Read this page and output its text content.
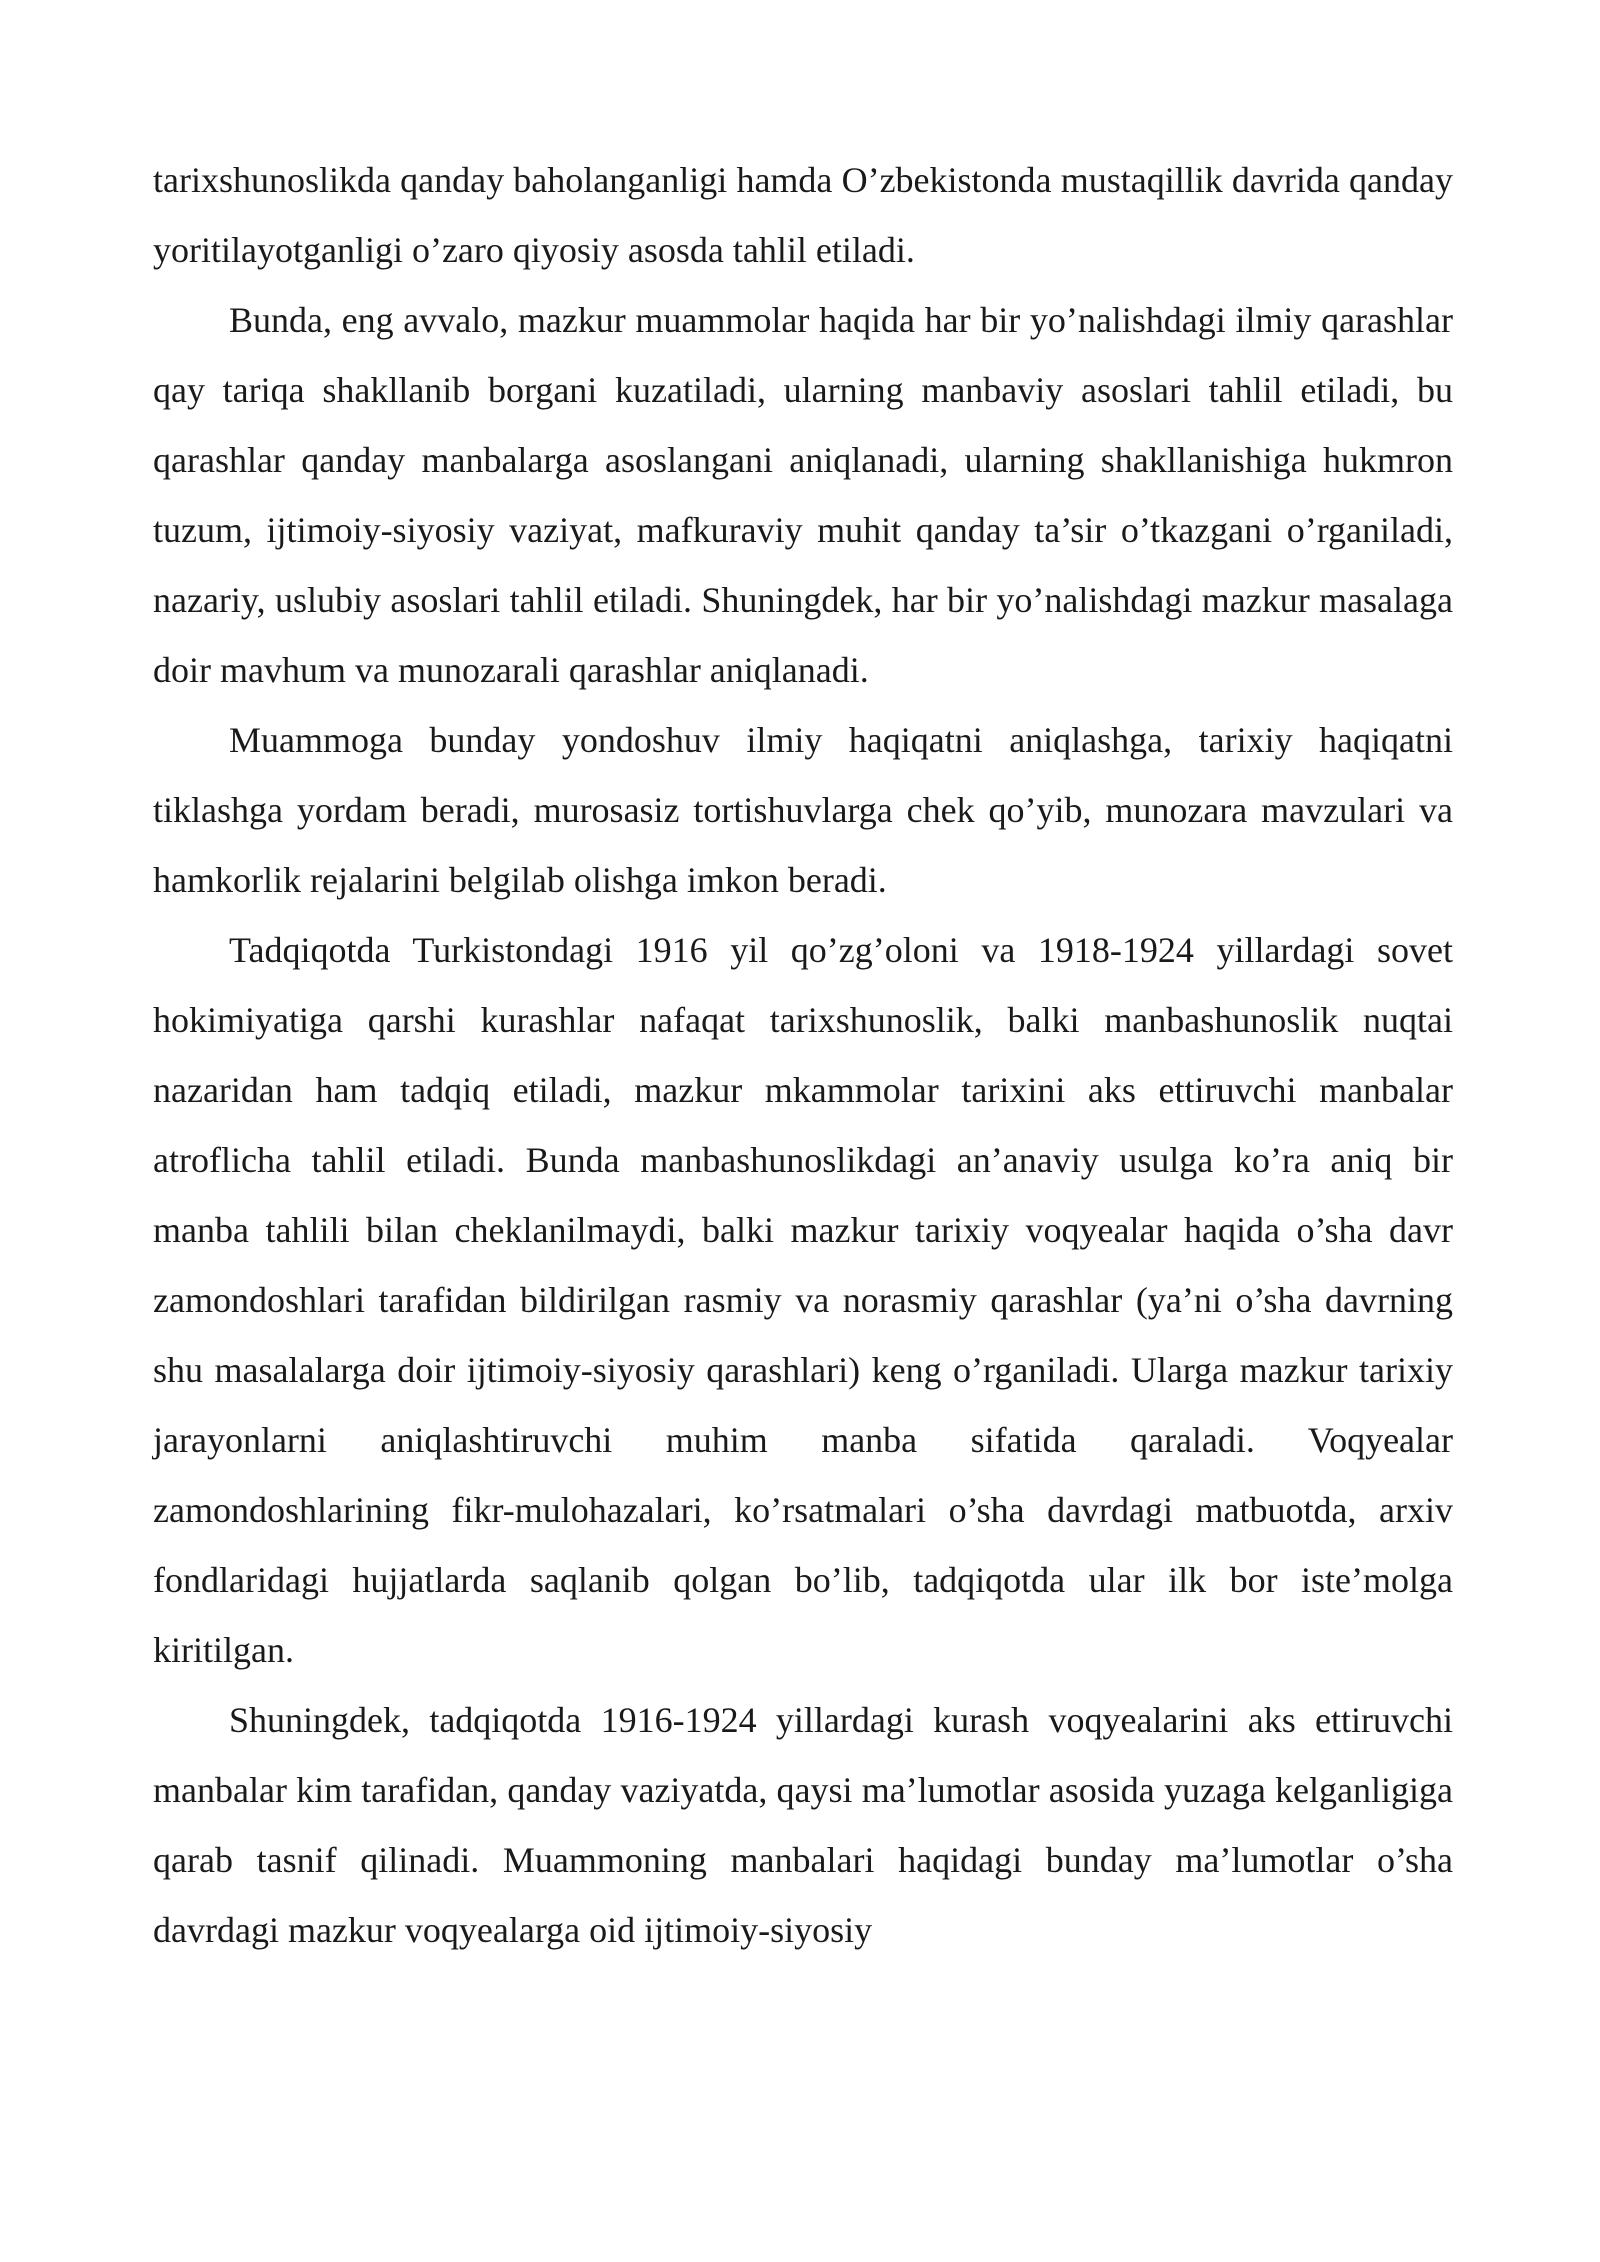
tarixshunoslikda qanday baholanganligi hamda O’zbekistonda mustaqillik davrida qanday yoritilayotganligi o’zaro qiyosiy asosda tahlil etiladi.

Bunda, eng avvalo, mazkur muammolar haqida har bir yo’nalishdagi ilmiy qarashlar qay tariqa shakllanib borgani kuzatiladi, ularning manbaviy asoslari tahlil etiladi, bu qarashlar qanday manbalarga asoslangani aniqlanadi, ularning shakllanishiga hukmron tuzum, ijtimoiy-siyosiy vaziyat, mafkuraviy muhit qanday ta’sir o’tkazgani o’rganiladi, nazariy, uslubiy asoslari tahlil etiladi. Shuningdek, har bir yo’nalishdagi mazkur masalaga doir mavhum va munozarali qarashlar aniqlanadi.

Muammoga bunday yondoshuv ilmiy haqiqatni aniqlashga, tarixiy haqiqatni tiklashga yordam beradi, murosasiz tortishuvlarga chek qo’yib, munozara mavzulari va hamkorlik rejalarini belgilab olishga imkon beradi.

Tadqiqotda Turkistondagi 1916 yil qo’zg’oloni va 1918-1924 yillardagi sovet hokimiyatiga qarshi kurashlar nafaqat tarixshunoslik, balki manbashunoslik nuqtai nazaridan ham tadqiq etiladi, mazkur mkammolar tarixini aks ettiruvchi manbalar atroflicha tahlil etiladi. Bunda manbashunoslikdagi an’anaviy usulga ko’ra aniq bir manba tahlili bilan cheklanilmaydi, balki mazkur tarixiy voqyealar haqida o’sha davr zamondoshlari tarafidan bildirilgan rasmiy va norasmiy qarashlar (ya’ni o’sha davrning shu masalalarga doir ijtimoiy-siyosiy qarashlari) keng o’rganiladi. Ularga mazkur tarixiy jarayonlarni aniqlashtiruvchi muhim manba sifatida qaraladi. Voqyealar zamondoshlarining fikr-mulohazalari, ko’rsatmalari o’sha davrdagi matbuotda, arxiv fondlaridagi hujjatlarda saqlanib qolgan bo’lib, tadqiqotda ular ilk bor iste’molga kiritilgan.

Shuningdek, tadqiqotda 1916-1924 yillardagi kurash voqyealarini aks ettiruvchi manbalar kim tarafidan, qanday vaziyatda, qaysi ma’lumotlar asosida yuzaga kelganligiga qarab tasnif qilinadi. Muammoning manbalari haqidagi bunday ma’lumotlar o’sha davrdagi mazkur voqyealarga oid ijtimoiy-siyosiy
